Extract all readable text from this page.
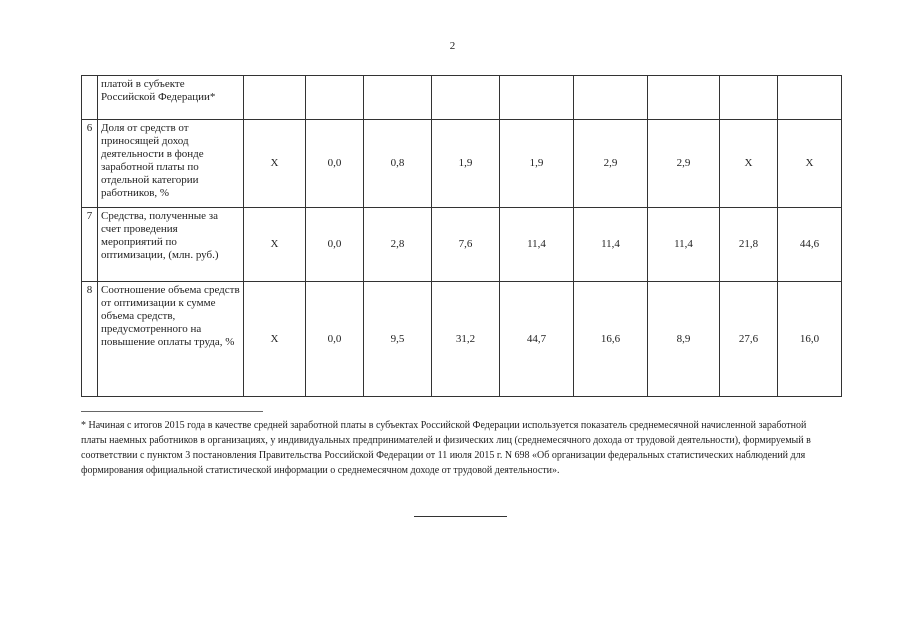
2
	платой в субъекте Российской Федерации*									
6	Доля от средств от приносящей доход деятельности в фонде заработной платы по отдельной категории работников, %	Х	0,0	0,8	1,9	1,9	2,9	2,9	Х	Х
7	Средства, полученные за счет проведения мероприятий по оптимизации, (млн. руб.)	Х	0,0	2,8	7,6	11,4	11,4	11,4	21,8	44,6
8	Соотношение объема средств от оптимизации к сумме объема средств, предусмотренного на повышение оплаты труда, %	Х	0,0	9,5	31,2	44,7	16,6	8,9	27,6	16,0
* Начиная с итогов 2015 года в качестве средней заработной платы в субъектах Российской Федерации используется показатель среднемесячной начисленной заработной платы наемных работников в организациях, у индивидуальных предпринимателей и физических лиц (среднемесячного дохода от трудовой деятельности), формируемый в соответствии с пунктом 3 постановления Правительства Российской Федерации от 11 июля 2015 г. N 698 «Об организации федеральных статистических наблюдений для формирования официальной статистической информации о среднемесячном доходе от трудовой деятельности».
